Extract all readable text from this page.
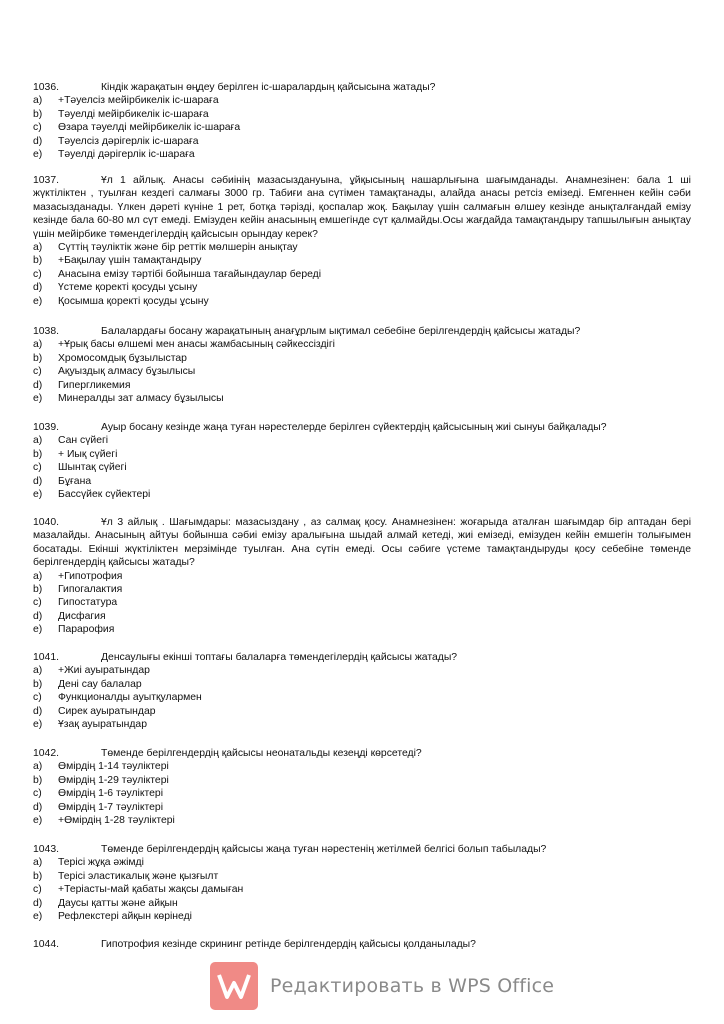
1036.	Кіндік жарақатын өңдеу берілген іс-шаралардың қайсысына жатады?

a)	+Тәуелсіз мейірбикелік іс-шараға
b)	Тәуелді мейірбикелік іс-шараға
c)	Өзара тәуелді мейірбикелік іс-шараға
d)	Тәуелсіз дәрігерлік іс-шараға
e)	Тәуелді дәрігерлік іс-шараға

1037.	Ұл 1 айлық. Анасы сәбиінің мазасыздануына, ұйқысының нашарлығына шағымданады. Анамнезінен: бала 1 ші жүктіліктен , туылған кездегі салмағы 3000 гр. Табиғи ана сүтімен тамақтанады, алайда анасы ретсіз емізеді. Емгеннен кейін сәби мазасызданады. Үлкен дәреті күніне 1 рет, ботқа тәрізді, қоспалар жоқ. Бақылау үшін салмағын өлшеу кезінде анықталғандай емізу кезінде бала 60-80 мл сүт емеді. Емізуден кейін анасының емшегінде сүт қалмайды.Осы жағдайда тамақтандыру тапшылығын анықтау үшін мейірбике төмендегілердің қайсысын орындау керек?

a)	Сүттің тәуліктік және бір реттік мөлшерін анықтау
b)	+Бақылау үшін тамақтандыру
c)	Анасына емізу тәртібі бойынша тағайындаулар береді
d)	Үстеме қоректі қосуды ұсыну
e)	Қосымша қоректі қосуды ұсыну

1038.	Балалардағы босану жарақатының анағұрлым ықтимал себебіне берілгендердің қайсысы жатады?

a)	+Ұрық басы өлшемі мен анасы жамбасының сәйкессіздігі
b)	Хромосомдық бұзылыстар
c)	Ақуыздық алмасу бұзылысы
d)	Гипергликемия
e)	Минералды зат алмасу бұзылысы

1039.	Ауыр босану кезінде жаңа туған нәрестелерде берілген сүйектердің қайсысының жиі сынуы байқалады?

a)	Сан сүйегі
b)	+ Иық сүйегі
c)	Шынтақ сүйегі
d)	Бұғана
e)	Бассүйек сүйектері

1040.	Ұл 3 айлық . Шағымдары: мазасыздану , аз салмақ қосу. Анамнезінен: жоғарыда аталған шағымдар бір аптадан бері мазалайды. Анасының айтуы бойынша сәбиі емізу аралығына шыдай алмай кетеді, жиі емізеді, емізуден кейін емшегін толығымен босатады. Екінші жүктіліктен мерзімінде туылған. Ана сүтін емеді. Осы сәбиге үстеме тамақтандыруды қосу себебіне төменде берілгендердің қайсысы жатады?

a)	+Гипотрофия
b)	Гипогалактия
c)	Гипостатура
d)	Дисфагия
e)	Парарофия

1041.	Денсаулығы екінші топтағы балаларға төмендегілердің қайсысы жатады?

a)	+Жиі ауыратындар
b)	Дені сау балалар
c)	Функционалды ауытқулармен
d)	Сирек ауыратындар
e)	Ұзақ ауыратындар

1042.	Төменде берілгендердің қайсысы неонатальды кезеңді көрсетеді?

a)	Өмірдің 1-14 тәуліктері
b)	Өмірдің 1-29 тәуліктері
c)	Өмірдің 1-6 тәуліктері
d)	Өмірдің 1-7 тәуліктері
e)	+Өмірдің 1-28 тәуліктері

1043.	Төменде берілгендердің қайсысы жаңа туған нәрестенің жетілмей белгісі болып табылады?

a)	Терісі жұқа әжімді
b)	Терісі эластикалық және қызғылт
c)	+Теріасты-май қабаты жақсы дамыған
d)	Даусы қатты және айқын
e)	Рефлекстері айқын көрінеді

1044.	Гипотрофия кезінде скрининг ретінде берілгендердің қайсысы қолданылады?

Редактировать в WPS Office
